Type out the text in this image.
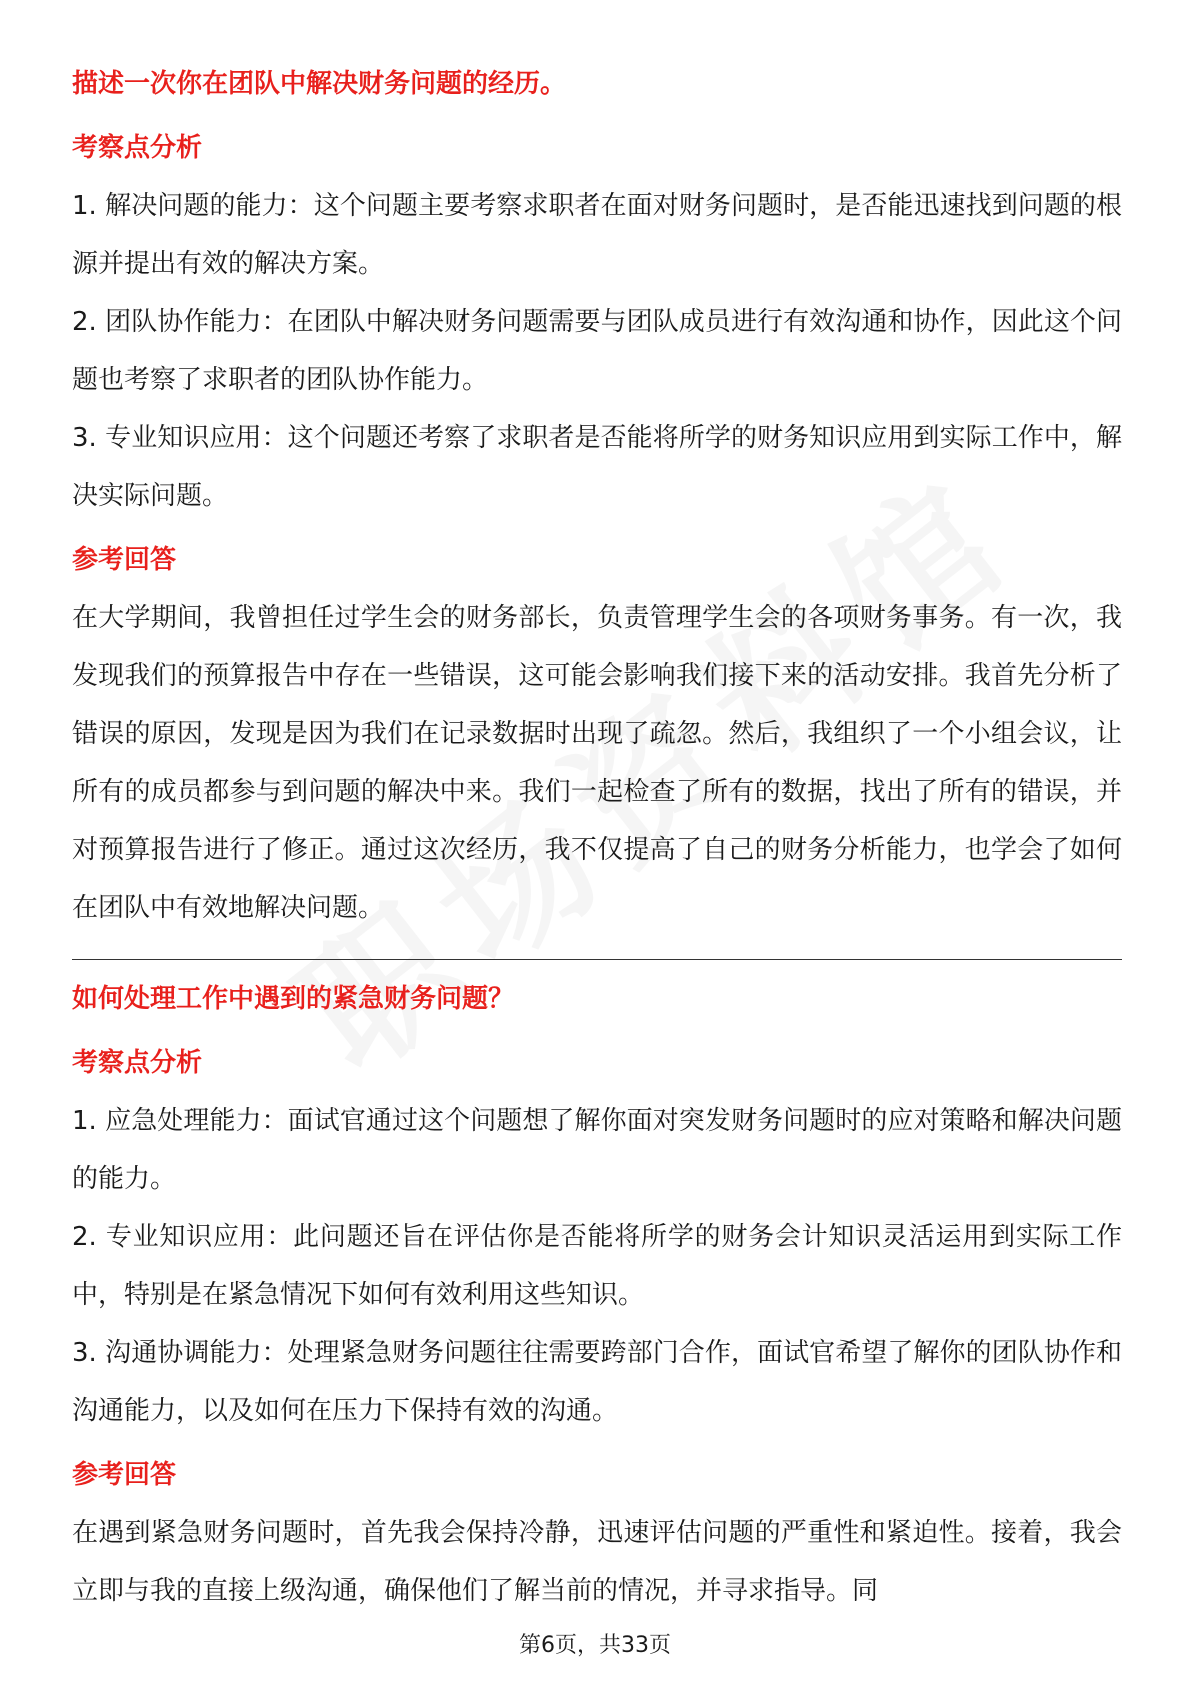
描述一次你在团队中解决财务问题的经历。

考察点分析

1. 解决问题的能力：这个问题主要考察求职者在面对财务问题时，是否能迅速找到问题的根源并提出有效的解决方案。

2. 团队协作能力：在团队中解决财务问题需要与团队成员进行有效沟通和协作，因此这个问题也考察了求职者的团队协作能力。

3. 专业知识应用：这个问题还考察了求职者是否能将所学的财务知识应用到实际工作中，解决实际问题。

参考回答

在大学期间，我曾担任过学生会的财务部长，负责管理学生会的各项财务事务。有一次，我发现我们的预算报告中存在一些错误，这可能会影响我们接下来的活动安排。我首先分析了错误的原因，发现是因为我们在记录数据时出现了疏忽。然后，我组织了一个小组会议，让所有的成员都参与到问题的解决中来。我们一起检查了所有的数据，找出了所有的错误，并对预算报告进行了修正。通过这次经历，我不仅提高了自己的财务分析能力，也学会了如何在团队中有效地解决问题。

如何处理工作中遇到的紧急财务问题？

考察点分析

1. 应急处理能力：面试官通过这个问题想了解你面对突发财务问题时的应对策略和解决问题的能力。

2. 专业知识应用：此问题还旨在评估你是否能将所学的财务会计知识灵活运用到实际工作中，特别是在紧急情况下如何有效利用这些知识。

3. 沟通协调能力：处理紧急财务问题往往需要跨部门合作，面试官希望了解你的团队协作和沟通能力，以及如何在压力下保持有效的沟通。

参考回答

在遇到紧急财务问题时，首先我会保持冷静，迅速评估问题的严重性和紧迫性。接着，我会立即与我的直接上级沟通，确保他们了解当前的情况，并寻求指导。同

第6页，共33页
